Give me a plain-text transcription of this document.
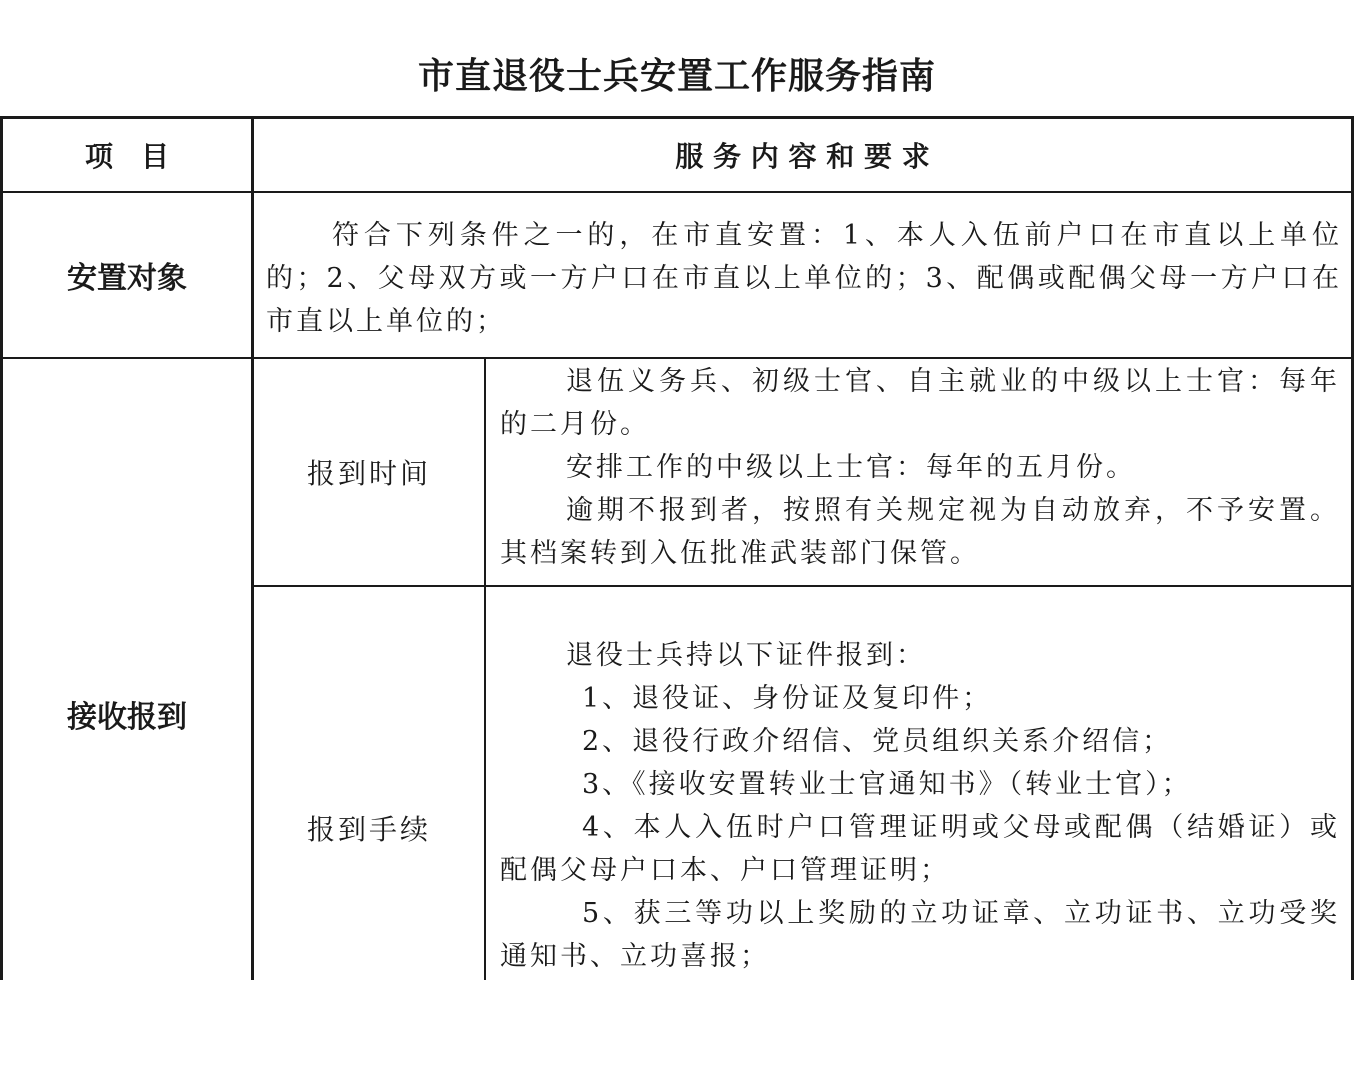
市直退役士兵安置工作服务指南
项　目	服 务 内 容 和 要 求
安置对象

符合下列条件之一的，在市直安置：1、本人入伍前户口在市直以上单位的；2、父母双方或一方户口在市直以上单位的；3、配偶或配偶父母一方户口在市直以上单位的；

接收报到
报到时间

退伍义务兵、初级士官、自主就业的中级以上士官：每年的二月份。

安排工作的中级以上士官：每年的五月份。

逾期不报到者，按照有关规定视为自动放弃，不予安置。其档案转到入伍批准武装部门保管。

报到手续

退役士兵持以下证件报到：

1、退役证、身份证及复印件；

2、退役行政介绍信、党员组织关系介绍信；

3、《接收安置转业士官通知书》（转业士官）；

4、本人入伍时户口管理证明或父母或配偶（结婚证）或配偶父母户口本、户口管理证明；

5、获三等功以上奖励的立功证章、立功证书、立功受奖通知书、立功喜报；
